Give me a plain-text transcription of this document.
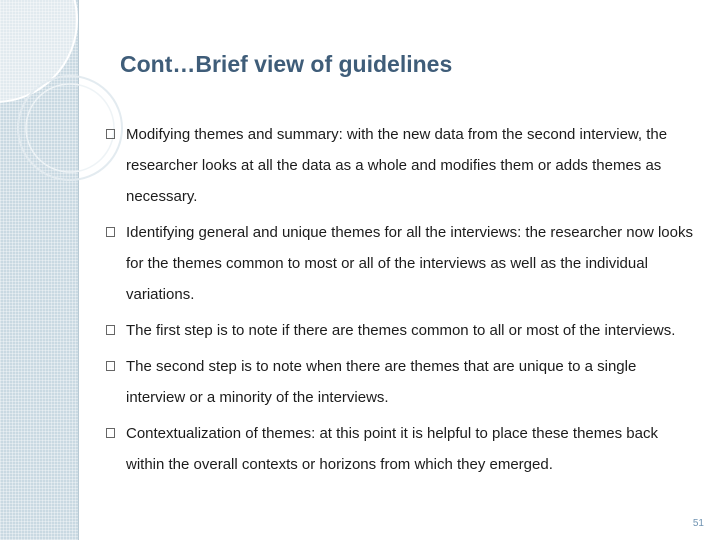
Cont…Brief view of guidelines
Modifying themes and summary: with the new data from the second interview, the researcher looks at all the data as a whole and modifies them or adds themes as necessary.
Identifying general and unique themes for all the interviews: the researcher now looks for the themes common to most or all of the interviews as well as the individual variations.
The first step is to note if there are themes common to all or most of the interviews.
The second step is to note when there are themes that are unique to a single interview or a minority of the interviews.
Contextualization of themes: at this point it is helpful to place these themes back within the overall contexts or horizons from which they emerged.
51
